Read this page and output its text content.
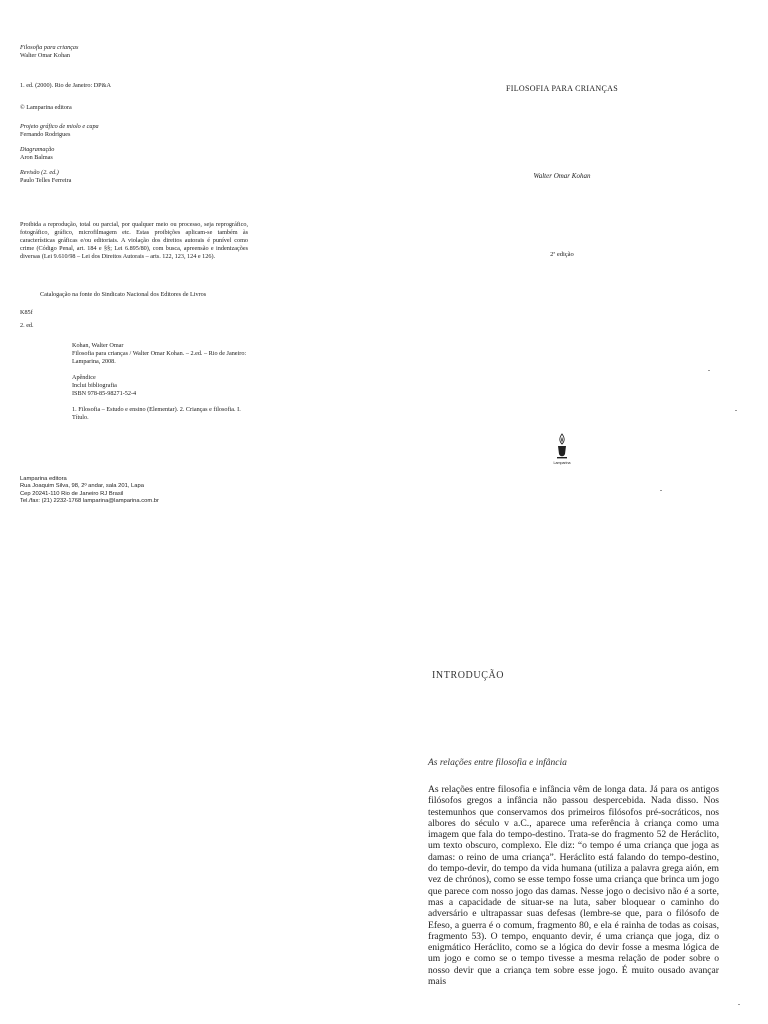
Filosofia para crianças
Walter Omar Kohan
1. ed. (2000). Rio de Janeiro: DP&A
© Lamparina editora
Projeto gráfico de miolo e capa
Fernando Rodrigues
Diagramação
Aron Balmas
Revisão (2. ed.)
Paulo Telles Ferreira
Proibida a reprodução, total ou parcial, por qualquer meio ou processo, seja reprográfico, fotográfico, gráfico, microfilmagem etc. Estas proibições aplicam-se também às características gráficas e/ou editoriais. A violação dos direitos autorais é punível como crime (Código Penal, art. 184 e §§; Lei 6.895/80), com busca, apreensão e indenizações diversas (Lei 9.610/98 – Lei dos Direitos Autorais – arts. 122, 123, 124 e 126).
Catalogação na fonte do Sindicato Nacional dos Editores de Livros
K85f
2. ed.
Kohan, Walter Omar
Filosofia para crianças / Walter Omar Kohan. – 2.ed. – Rio de Janeiro: Lamparina, 2008.
Apêndice
Inclui bibliografia
ISBN 978-85-98271-52-4
1. Filosofia – Estudo e ensino (Elementar). 2. Crianças e filosofia. I. Título.
Lamparina editora
Rua Joaquim Silva, 98, 2º andar, sala 201, Lapa
Cep 20241-110 Rio de Janeiro RJ Brasil
Tel./fax: (21) 2232-1768 lamparina@lamparina.com.br
FILOSOFIA PARA CRIANÇAS
Walter Omar Kohan
2ª edição
Lamparina
INTRODUÇÃO
As relações entre filosofia e infância
As relações entre filosofia e infância vêm de longa data. Já para os antigos filósofos gregos a infância não passou despercebida. Nada disso. Nos testemunhos que conservamos dos primeiros filósofos pré-socráticos, nos albores do século v a.C., aparece uma referência à criança como uma imagem que fala do tempo-destino. Trata-se do fragmento 52 de Heráclito, um texto obscuro, complexo. Ele diz: “o tempo é uma criança que joga as damas: o reino de uma criança”. Heráclito está falando do tempo-destino, do tempo-devir, do tempo da vida humana (utiliza a palavra grega aión, em vez de chrónos), como se esse tempo fosse uma criança que brinca um jogo que parece com nosso jogo das damas. Nesse jogo o decisivo não é a sorte, mas a capacidade de situar-se na luta, saber bloquear o caminho do adversário e ultrapassar suas defesas (lembre-se que, para o filósofo de Efeso, a guerra é o comum, fragmento 80, e ela é rainha de todas as coisas, fragmento 53). O tempo, enquanto devir, é uma criança que joga, diz o enigmático Heráclito, como se a lógica do devir fosse a mesma lógica de um jogo e como se o tempo tivesse a mesma relação de poder sobre o nosso devir que a criança tem sobre esse jogo. É muito ousado avançar mais
